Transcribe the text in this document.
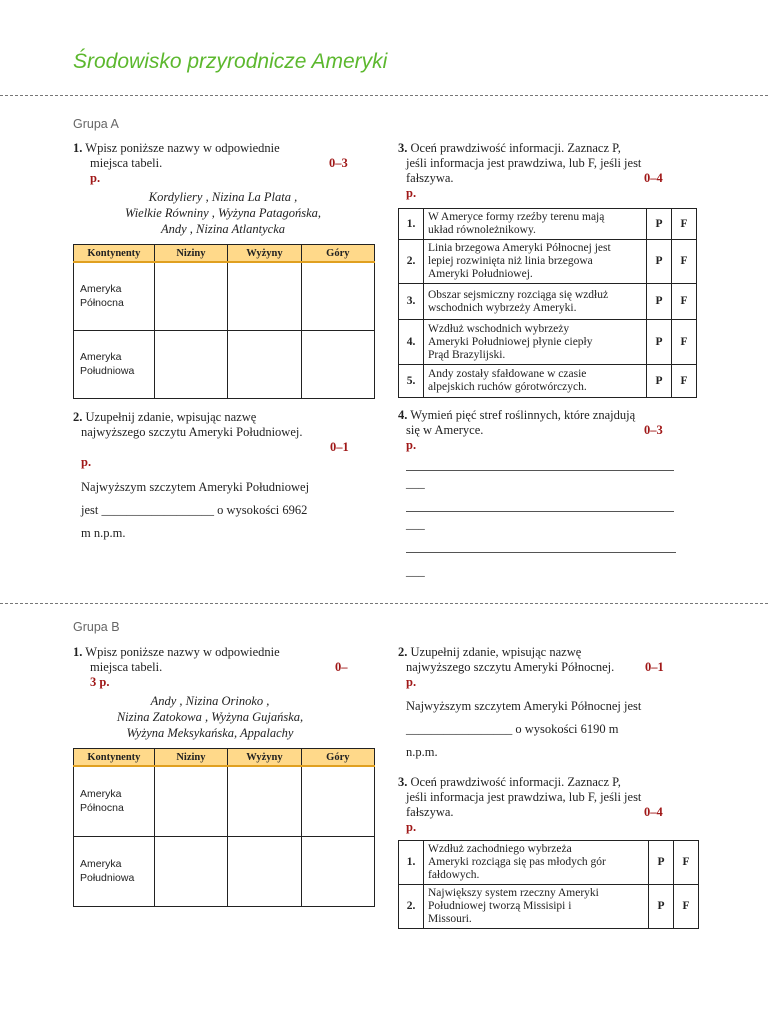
Środowisko przyrodnicze Ameryki
Grupa A
1. Wpisz poniższe nazwy w odpowiednie
miejsca tabeli.	0–3
p.
Kordyliery , Nizina La Plata ,
Wielkie Równiny , Wyżyna Patagońska,
Andy , Nizina Atlantycka
Kontynenty	Niziny	Wyżyny	Góry

Ameryka
Północna			

Ameryka
Południowa			

2. Uzupełnij zdanie, wpisując nazwę
najwyższego szczytu Ameryki Południowej.
0–1
p.
Najwyższym szczytem Ameryki Południowej
jest __________________ o wysokości 6962
m n.p.m.
3. Oceń prawdziwość informacji. Zaznacz P,
jeśli informacja jest prawdziwa, lub F, jeśli jest
fałszywa.	0–4
p.
1.	W Ameryce formy rzeźby terenu mają
układ równoleżnikowy.	P	F
2.	Linia brzegowa Ameryki Północnej jest
lepiej rozwinięta niż linia brzegowa
Ameryki Południowej.	P	F
3.	Obszar sejsmiczny rozciąga się wzdłuż
wschodnich wybrzeży Ameryki.	P	F
4.	Wzdłuż wschodnich wybrzeży
Ameryki Południowej płynie ciepły
Prąd Brazylijski.	P	F
5.	Andy zostały sfałdowane w czasie
alpejskich ruchów górotwórczych.	P	F
4. Wymień pięć stref roślinnych, które znajdują
się w Ameryce.	0–3
p.
___
___
___
Grupa B
1. Wpisz poniższe nazwy w odpowiednie
miejsca tabeli.	0–
3 p.
Andy , Nizina Orinoko ,
Nizina Zatokowa , Wyżyna Gujańska,
Wyżyna Meksykańska, Appalachy
Kontynenty	Niziny	Wyżyny	Góry

Ameryka
Północna			

Ameryka
Południowa			

2. Uzupełnij zdanie, wpisując nazwę
najwyższego szczytu Ameryki Północnej. 0–1
p.
Najwyższym szczytem Ameryki Północnej jest
_________________ o wysokości 6190 m
n.p.m.
3. Oceń prawdziwość informacji. Zaznacz P,
jeśli informacja jest prawdziwa, lub F, jeśli jest
fałszywa.	0–4
p.
1.	Wzdłuż zachodniego wybrzeża
Ameryki rozciąga się pas młodych gór
fałdowych.	P	F
2.	Największy system rzeczny Ameryki
Południowej tworzą Missisipi i
Missouri.	P	F
